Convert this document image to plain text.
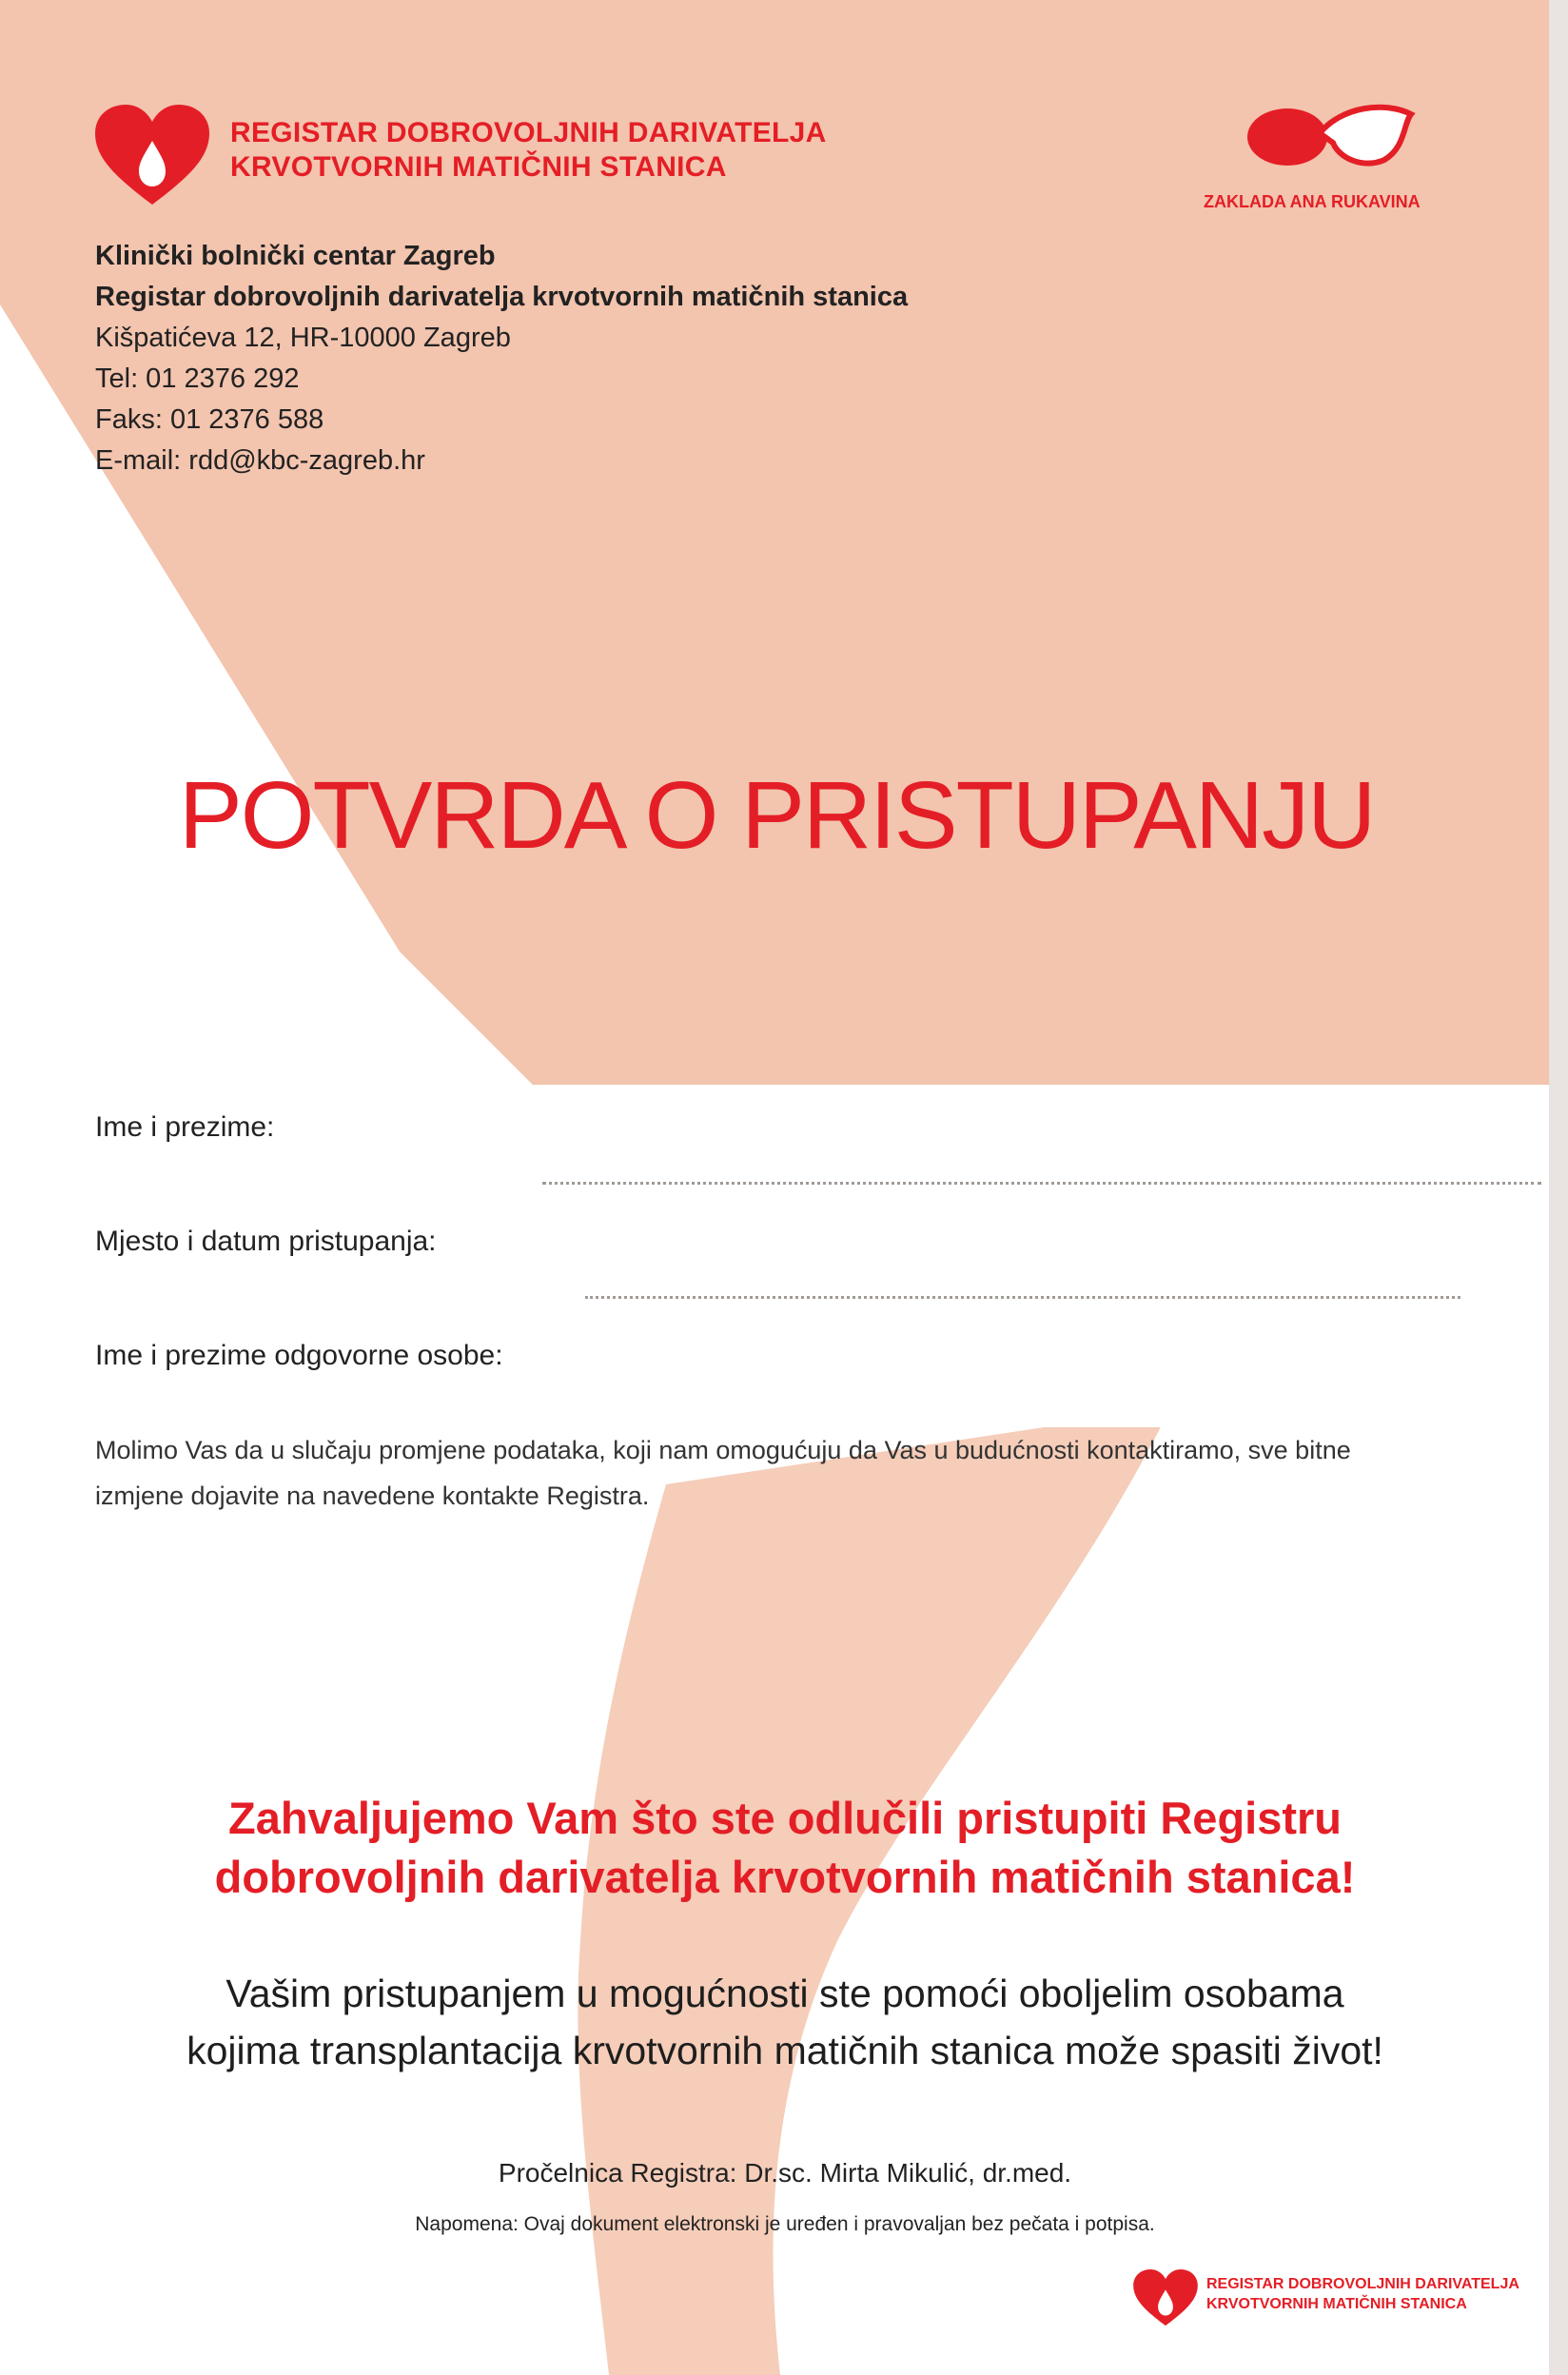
REGISTAR DOBROVOLJNIH DARIVATELJA
KRVOTVORNIH MATIČNIH STANICA
ZAKLADA ANA RUKAVINA
Klinički bolnički centar Zagreb
Registar dobrovoljnih darivatelja krvotvornih matičnih stanica
Kišpatićeva 12, HR-10000 Zagreb
Tel: 01 2376 292
Faks: 01 2376 588
E-mail: rdd@kbc-zagreb.hr
POTVRDA O PRISTUPANJU
Ime i prezime:
Mjesto i datum pristupanja:
Ime i prezime odgovorne osobe:
Molimo Vas da u slučaju promjene podataka, koji nam omogućuju da Vas u budućnosti kontaktiramo, sve bitne izmjene dojavite na navedene kontakte Registra.
Zahvaljujemo Vam što ste odlučili pristupiti Registru
dobrovoljnih darivatelja krvotvornih matičnih stanica!
Vašim pristupanjem u mogućnosti ste pomoći oboljelim osobama
kojima transplantacija krvotvornih matičnih stanica može spasiti život!
Pročelnica Registra: Dr.sc. Mirta Mikulić, dr.med.
Napomena: Ovaj dokument elektronski je uređen i pravovaljan bez pečata i potpisa.
REGISTAR DOBROVOLJNIH DARIVATELJA
KRVOTVORNIH MATIČNIH STANICA
